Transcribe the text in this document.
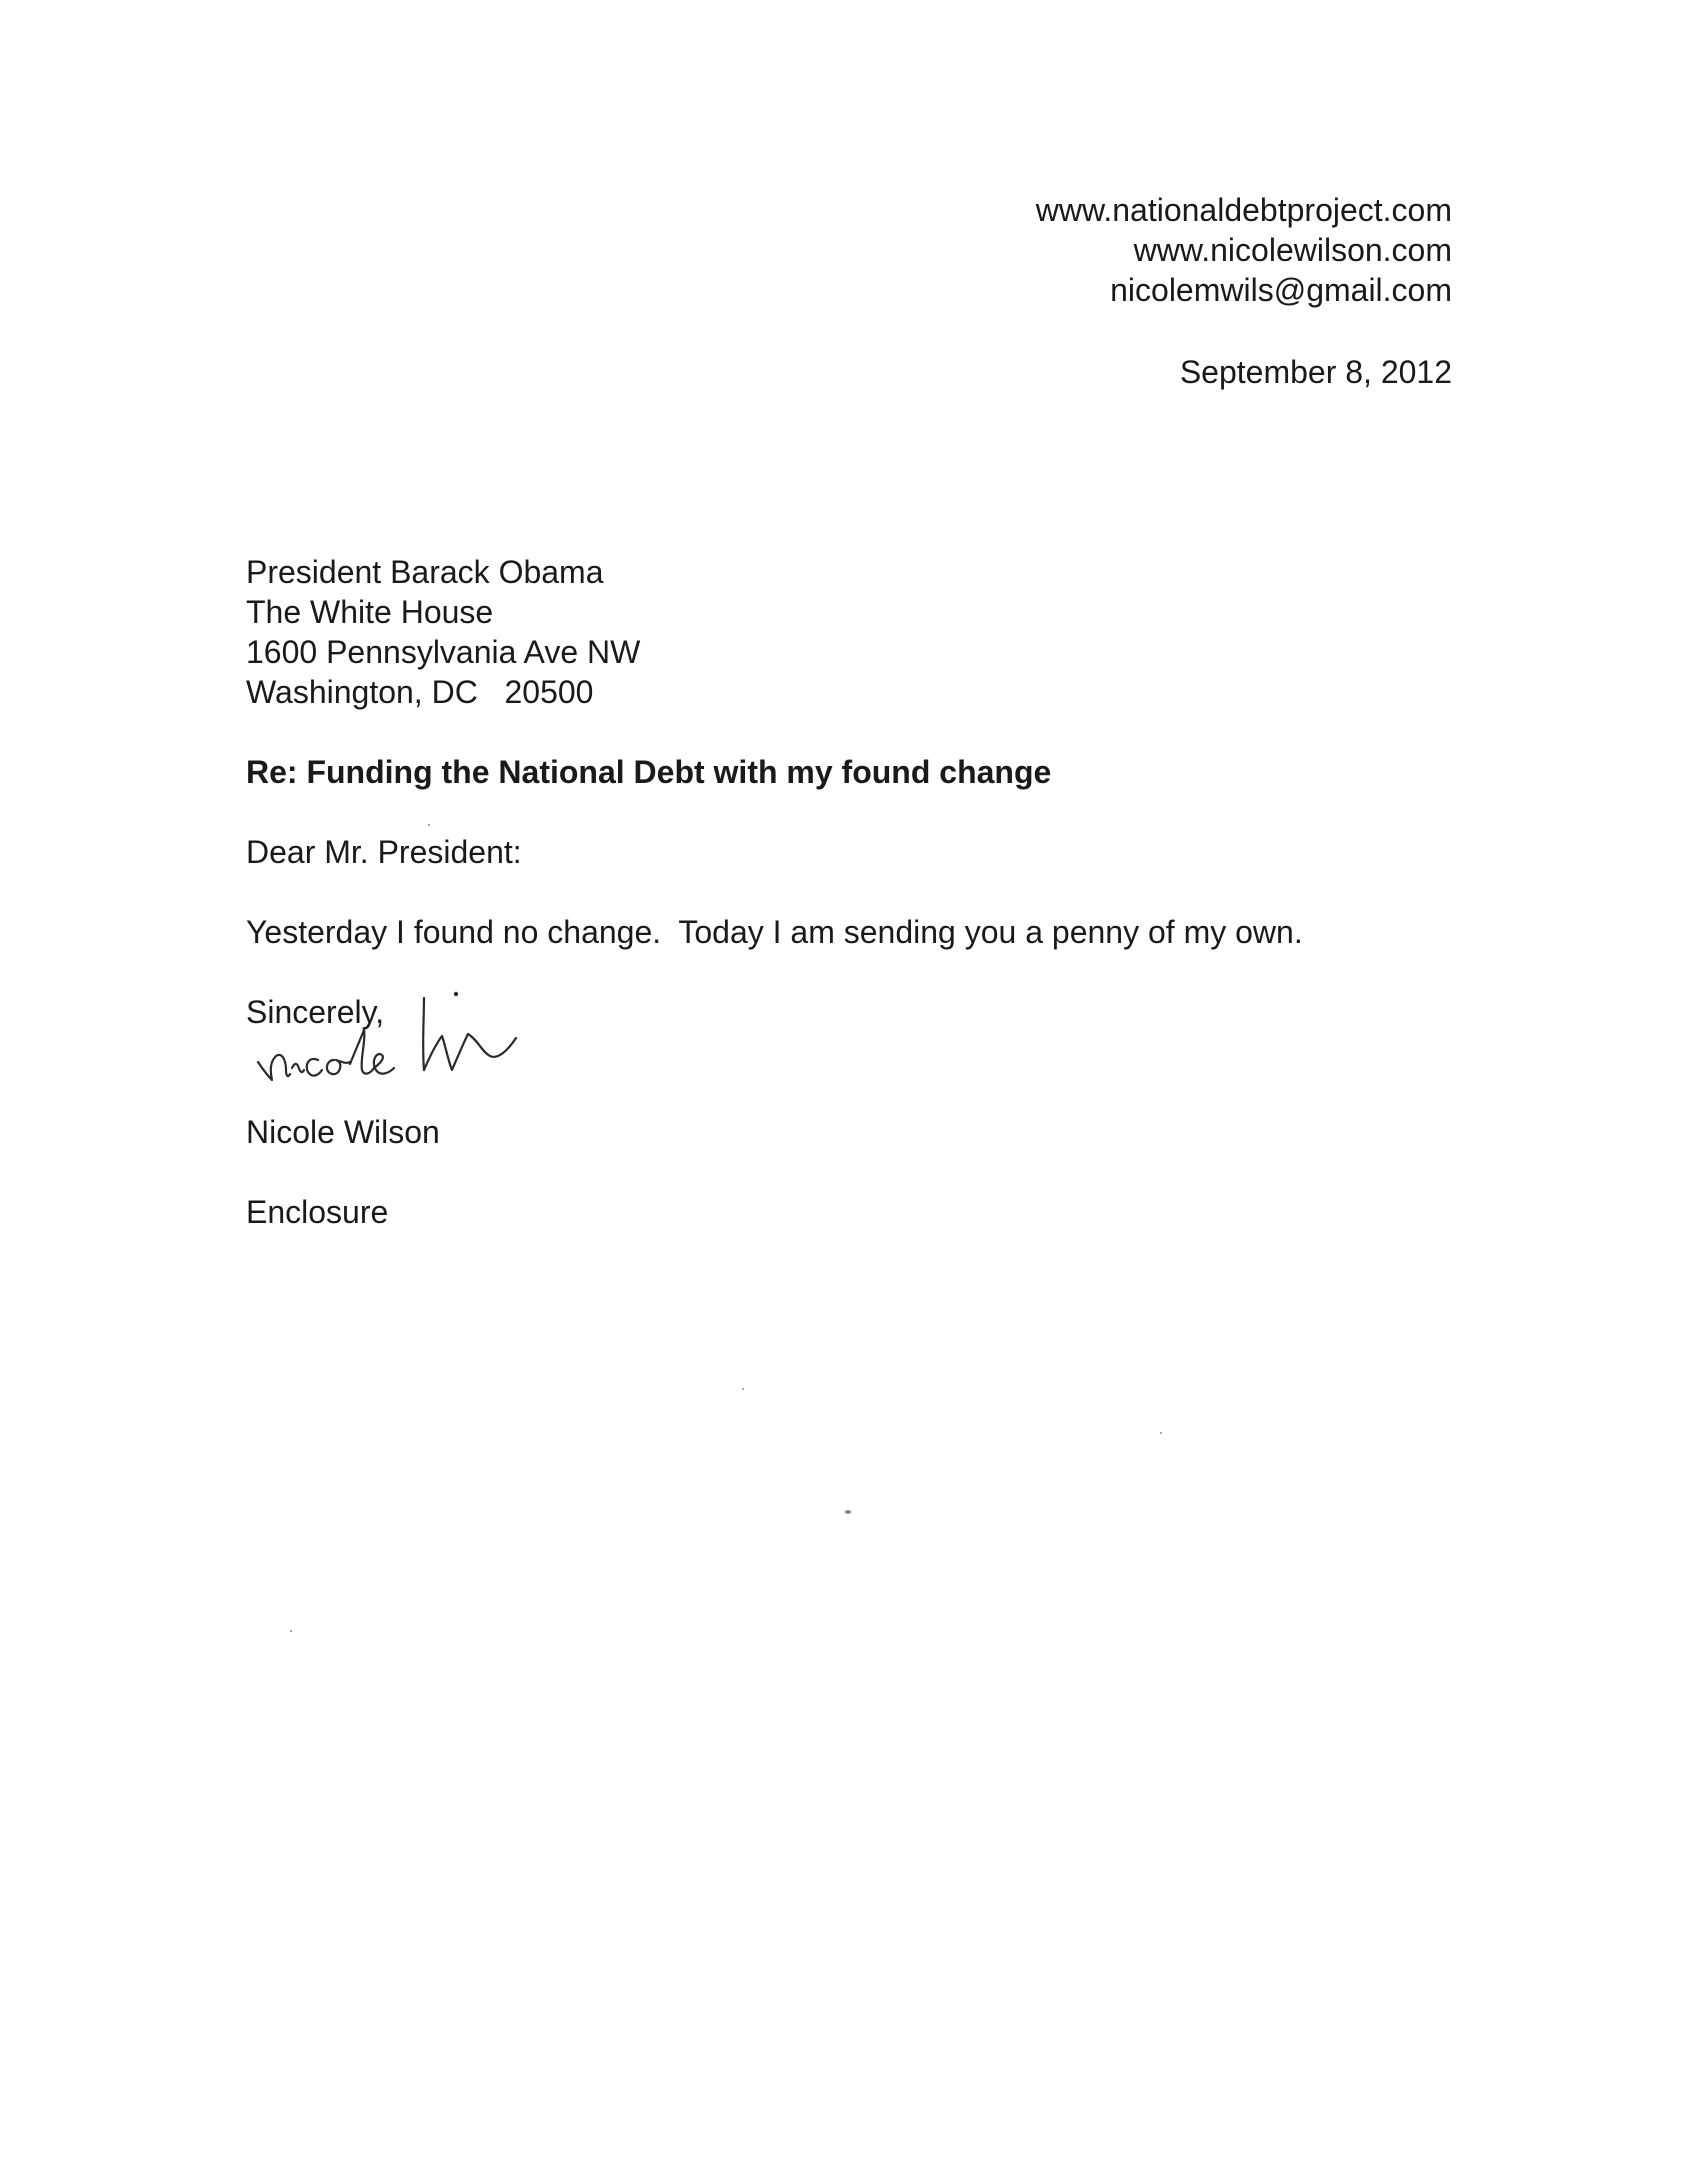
www.nationaldebtproject.com
www.nicolewilson.com
nicolemwils@gmail.com
September 8, 2012
President Barack Obama
The White House
1600 Pennsylvania Ave NW
Washington, DC   20500
Re: Funding the National Debt with my found change
Dear Mr. President:
Yesterday I found no change.  Today I am sending you a penny of my own.
Sincerely,
Nicole Wilson
Enclosure
